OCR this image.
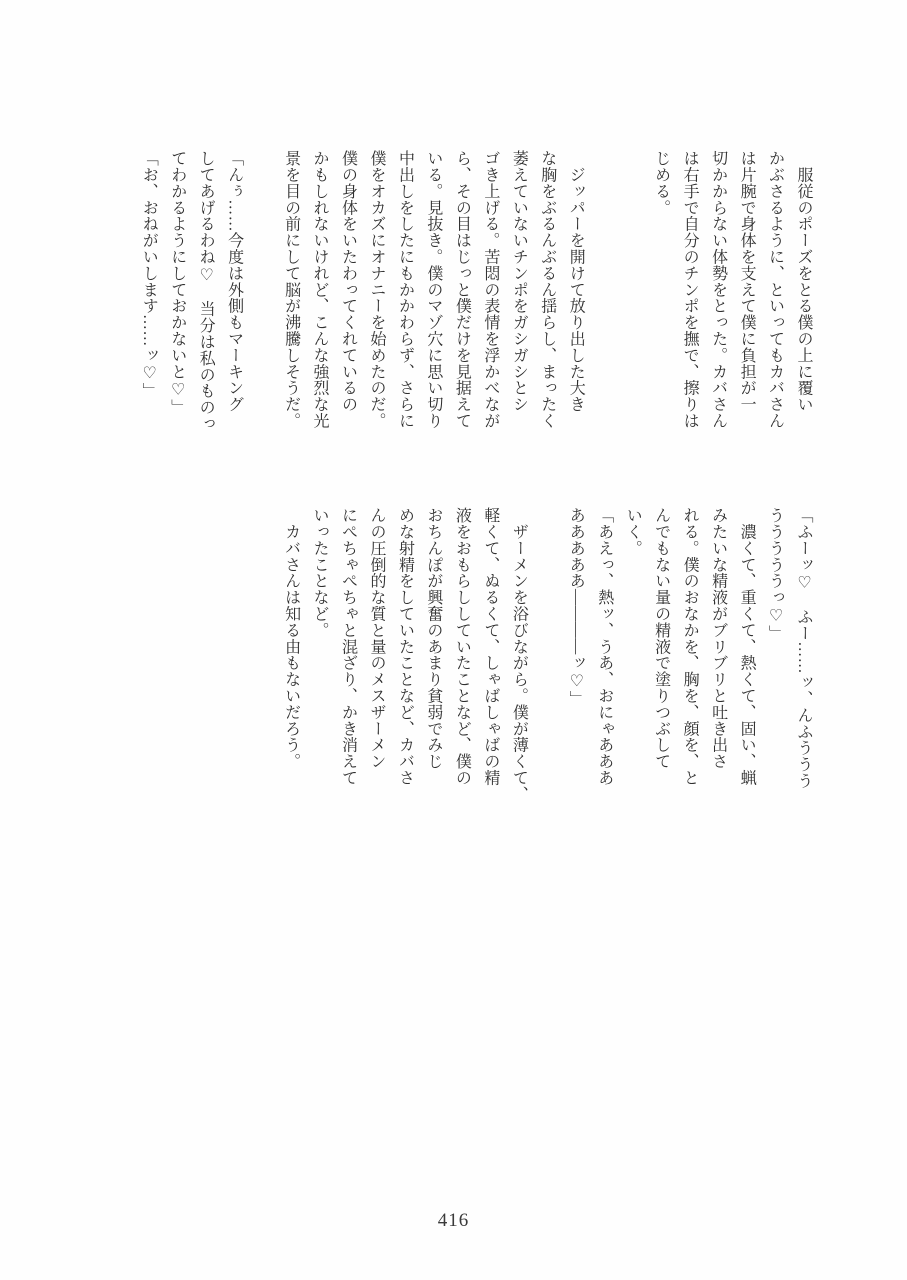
　服従のポーズをとる僕の上に覆い

かぶさるように、といってもカバさん

は片腕で身体を支えて僕に負担が一

切かからない体勢をとった。カバさん

は右手で自分のチンポを撫で、擦りは

じめる。

　ジッパーを開けて放り出した大き

な胸をぶるんぶるん揺らし、まったく

萎えていないチンポをガシガシとシ

ゴき上げる。苦悶の表情を浮かべなが

ら、その目はじっと僕だけを見据えて

いる。見抜き。僕のマゾ穴に思い切り

中出しをしたにもかかわらず、さらに

僕をオカズにオナニーを始めたのだ。

僕の身体をいたわってくれているの

かもしれないけれど、こんな強烈な光

景を目の前にして脳が沸騰しそうだ。

「んぅ……今度は外側もマーキング

してあげるわね♡　当分は私のものっ

てわかるようにしておかないと♡」

「お、おねがいします……ッ♡」

「ふーッ♡　ふー……ッ、んふううう

うううううっ♡」

　濃くて、重くて、熱くて、固い、蝋

みたいな精液がブリブリと吐き出さ

れる。僕のおなかを、胸を、顔を、と

んでもない量の精液で塗りつぶして

いく。

「あえっ、熱ッ、うあ、おにゃあああ

あああああ――――ッ♡」

　ザーメンを浴びながら。僕が薄くて、

軽くて、ぬるくて、しゃばしゃばの精

液をおもらししていたことなど、僕の

おちんぽが興奮のあまり貧弱でみじ

めな射精をしていたことなど、カバさ

んの圧倒的な質と量のメスザーメン

にぺちゃぺちゃと混ざり、かき消えて

いったことなど。

　カバさんは知る由もないだろう。

416
